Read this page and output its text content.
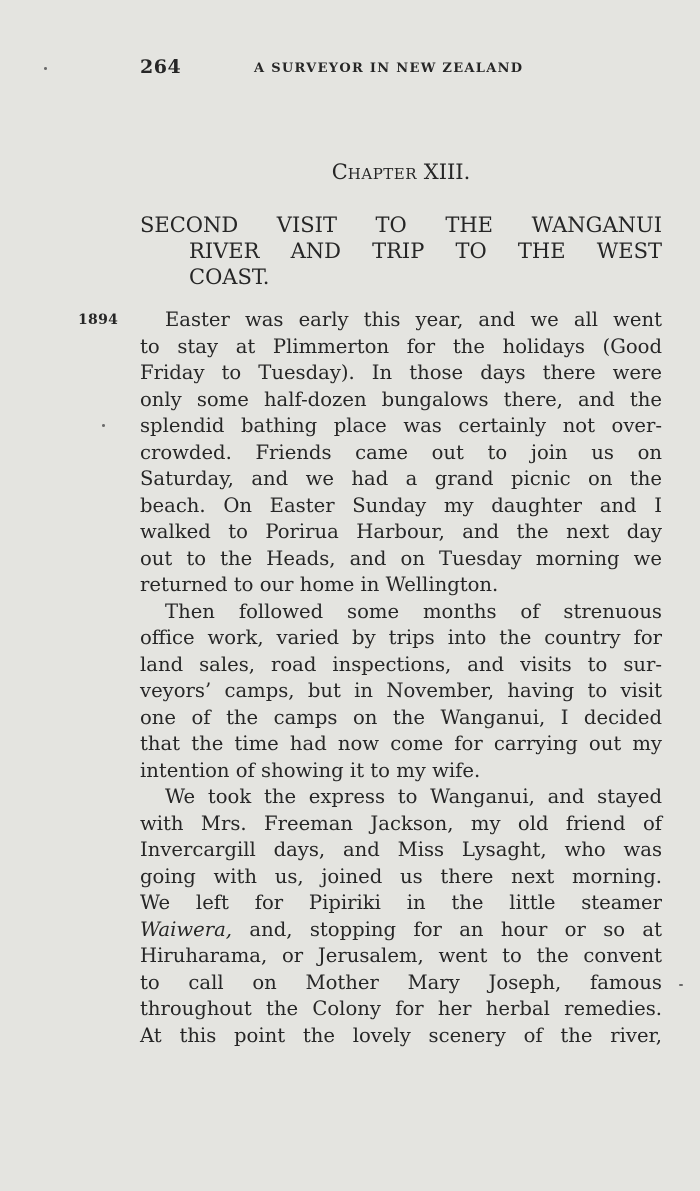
264	A SURVEYOR IN NEW ZEALAND
CHAPTER XIII.
SECOND VISIT TO THE WANGANUI
RIVER AND TRIP TO THE WEST
COAST.
1894	Easter was early this year, and we all went
to stay at Plimmerton for the holidays (Good
Friday to Tuesday). In those days there were
only some half-dozen bungalows there, and the
splendid bathing place was certainly not over-
crowded. Friends came out to join us on
Saturday, and we had a grand picnic on the
beach. On Easter Sunday my daughter and I
walked to Porirua Harbour, and the next day
out to the Heads, and on Tuesday morning we
returned to our home in Wellington.
Then followed some months of strenuous
office work, varied by trips into the country for
land sales, road inspections, and visits to sur-
veyors’ camps, but in November, having to visit
one of the camps on the Wanganui, I decided
that the time had now come for carrying out my
intention of showing it to my wife.
We took the express to Wanganui, and stayed
with Mrs. Freeman Jackson, my old friend of
Invercargill days, and Miss Lysaght, who was
going with us, joined us there next morning.
We left for Pipiriki in the little steamer
Waiwera, and, stopping for an hour or so at
Hiruharama, or Jerusalem, went to the convent
to call on Mother Mary Joseph, famous
throughout the Colony for her herbal remedies.
At this point the lovely scenery of the river,
